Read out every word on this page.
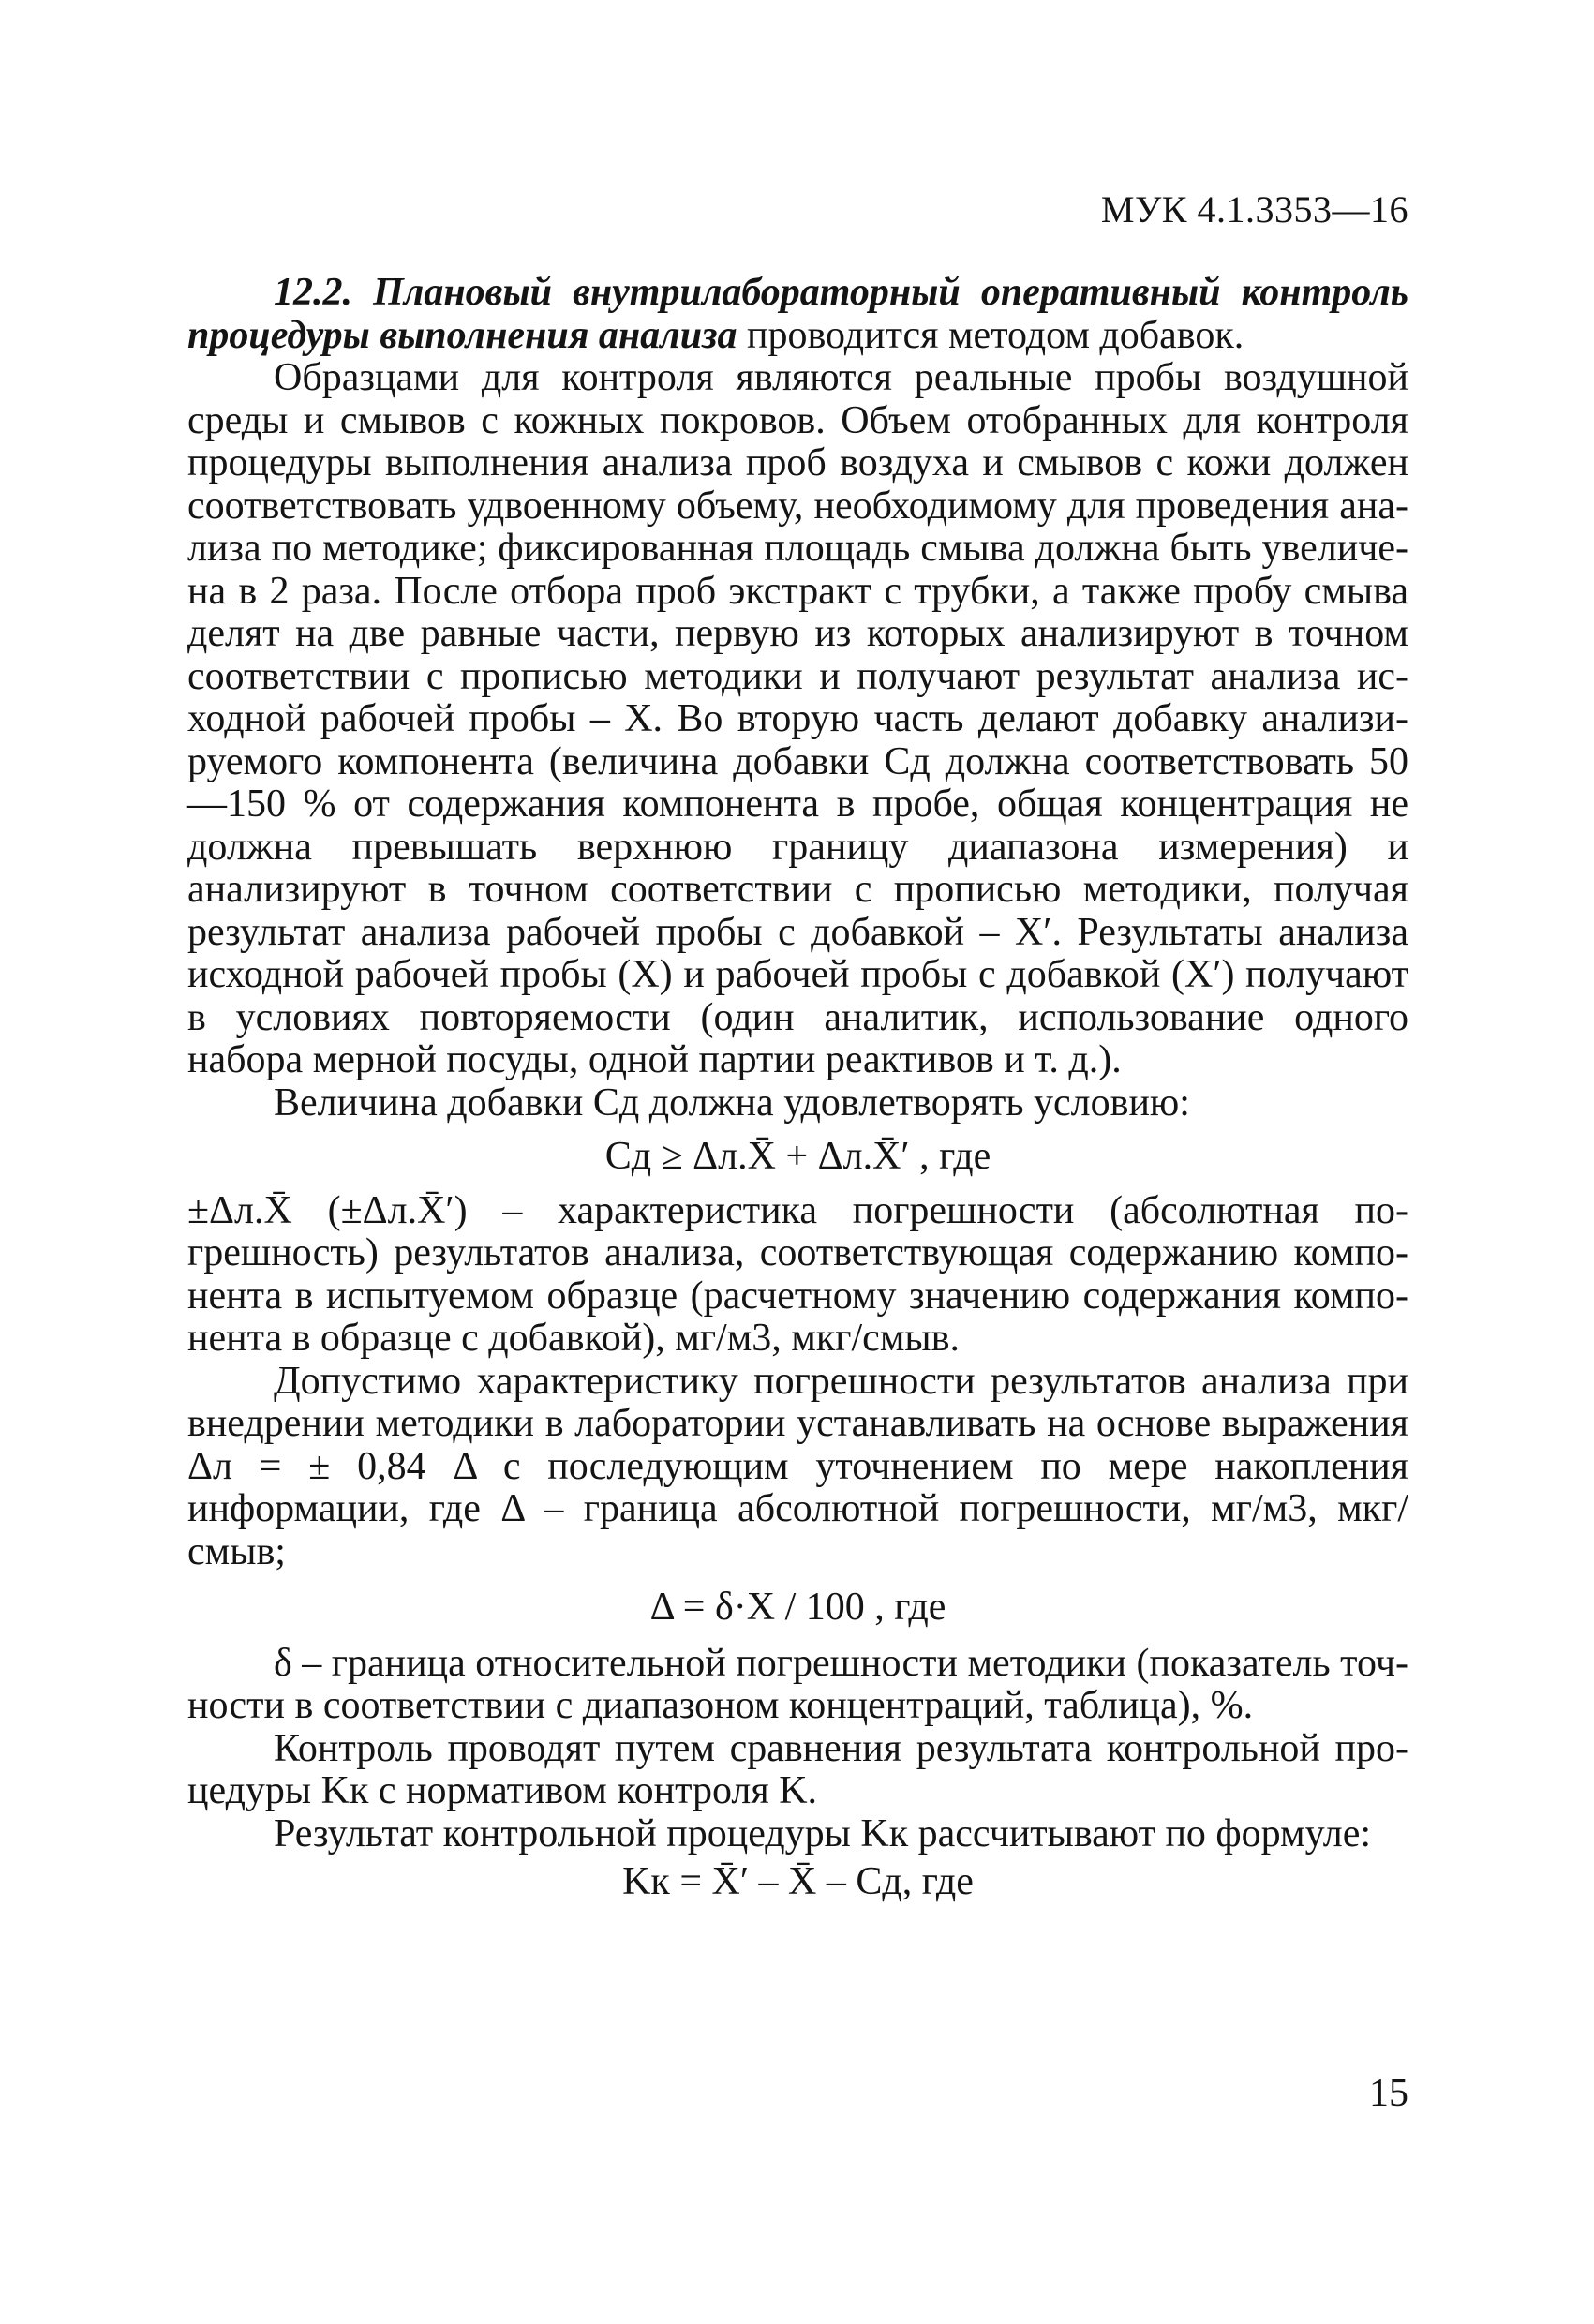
МУК 4.1.3353—16

12.2. Плановый внутрилабораторный оперативный контроль процедуры выполнения анализа проводится методом добавок.

Образцами для контроля являются реальные пробы воздушной среды и смывов с кожных покровов. Объем отобранных для контроля процедуры выполнения анализа проб воздуха и смывов с кожи должен соответствовать удвоенному объему, необходимому для проведения анализа по методике; фиксированная площадь смыва должна быть увеличена в 2 раза. После отбора проб экстракт с трубки, а также пробу смыва делят на две равные части, первую из которых анализируют в точном соответствии с прописью методики и получают результат анализа исходной рабочей пробы – X. Во вторую часть делают добавку анализируемого компонента (величина добавки Cд должна соответствовать 50—150 % от содержания компонента в пробе, общая концентрация не должна превышать верхнюю границу диапазона измерения) и анализируют в точном соответствии с прописью методики, получая результат анализа рабочей пробы с добавкой – X′. Результаты анализа исходной рабочей пробы (X) и рабочей пробы с добавкой (X′) получают в условиях повторяемости (один аналитик, использование одного набора мерной посуды, одной партии реактивов и т. д.).

Величина добавки Cд должна удовлетворять условию:

Cд ≥ Δл.X̄ + Δл.X̄′ , где

±Δл.X̄ (±Δл.X̄′) – характеристика погрешности (абсолютная погрешность) результатов анализа, соответствующая содержанию компонента в испытуемом образце (расчетному значению содержания компонента в образце с добавкой), мг/м3, мкг/смыв.

Допустимо характеристику погрешности результатов анализа при внедрении методики в лаборатории устанавливать на основе выражения Δл = ± 0,84 Δ с последующим уточнением по мере накопления информации, где Δ – граница абсолютной погрешности, мг/м3, мкг/смыв;

Δ = δ·X / 100 , где

δ – граница относительной погрешности методики (показатель точности в соответствии с диапазоном концентраций, таблица), %.

Контроль проводят путем сравнения результата контрольной процедуры Kк с нормативом контроля K.

Результат контрольной процедуры Kк рассчитывают по формуле:

Kк = X̄′ – X̄ – Cд, где

15
